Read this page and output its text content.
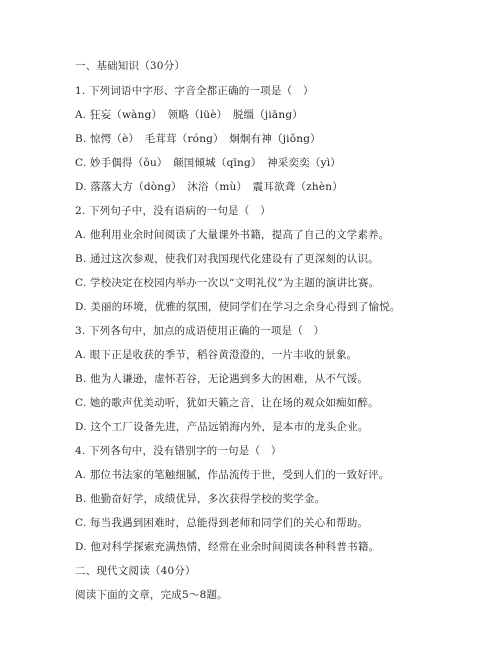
一、基础知识（30分）
1. 下列词语中字形、字音全都正确的一项是（　）
A. 狂妄（wàng）　领略（lüè）　脱缰（jiāng）
B. 惊愕（è）　毛茸茸（róng）　炯炯有神（jiǒng）
C. 妙手偶得（ǒu）　颠国倾城（qīng）　神采奕奕（yì）
D. 落落大方（dòng）　沐浴（mù）　震耳欲聋（zhèn）
2. 下列句子中，没有语病的一句是（　）
A. 他利用业余时间阅读了大量课外书籍，提高了自己的文学素养。
B. 通过这次参观，使我们对我国现代化建设有了更深刻的认识。
C. 学校决定在校园内举办一次以“文明礼仪”为主题的演讲比赛。
D. 美丽的环境，优雅的氛围，使同学们在学习之余身心得到了愉悦。
3. 下列各句中，加点的成语使用正确的一项是（　）
A. 眼下正是收获的季节，稻谷黄澄澄的，一片丰收的景象。
B. 他为人谦逊，虚怀若谷，无论遇到多大的困难，从不气馁。
C. 她的歌声优美动听，犹如天籁之音，让在场的观众如痴如醉。
D. 这个工厂设备先进，产品远销海内外，是本市的龙头企业。
4. 下列各句中，没有错别字的一句是（　）
A. 那位书法家的笔触细腻，作品流传于世，受到人们的一致好评。
B. 他勤奋好学，成绩优异，多次获得学校的奖学金。
C. 每当我遇到困难时，总能得到老师和同学们的关心和帮助。
D. 他对科学探索充满热情，经常在业余时间阅读各种科普书籍。
二、现代文阅读（40分）
阅读下面的文章，完成5～8题。
